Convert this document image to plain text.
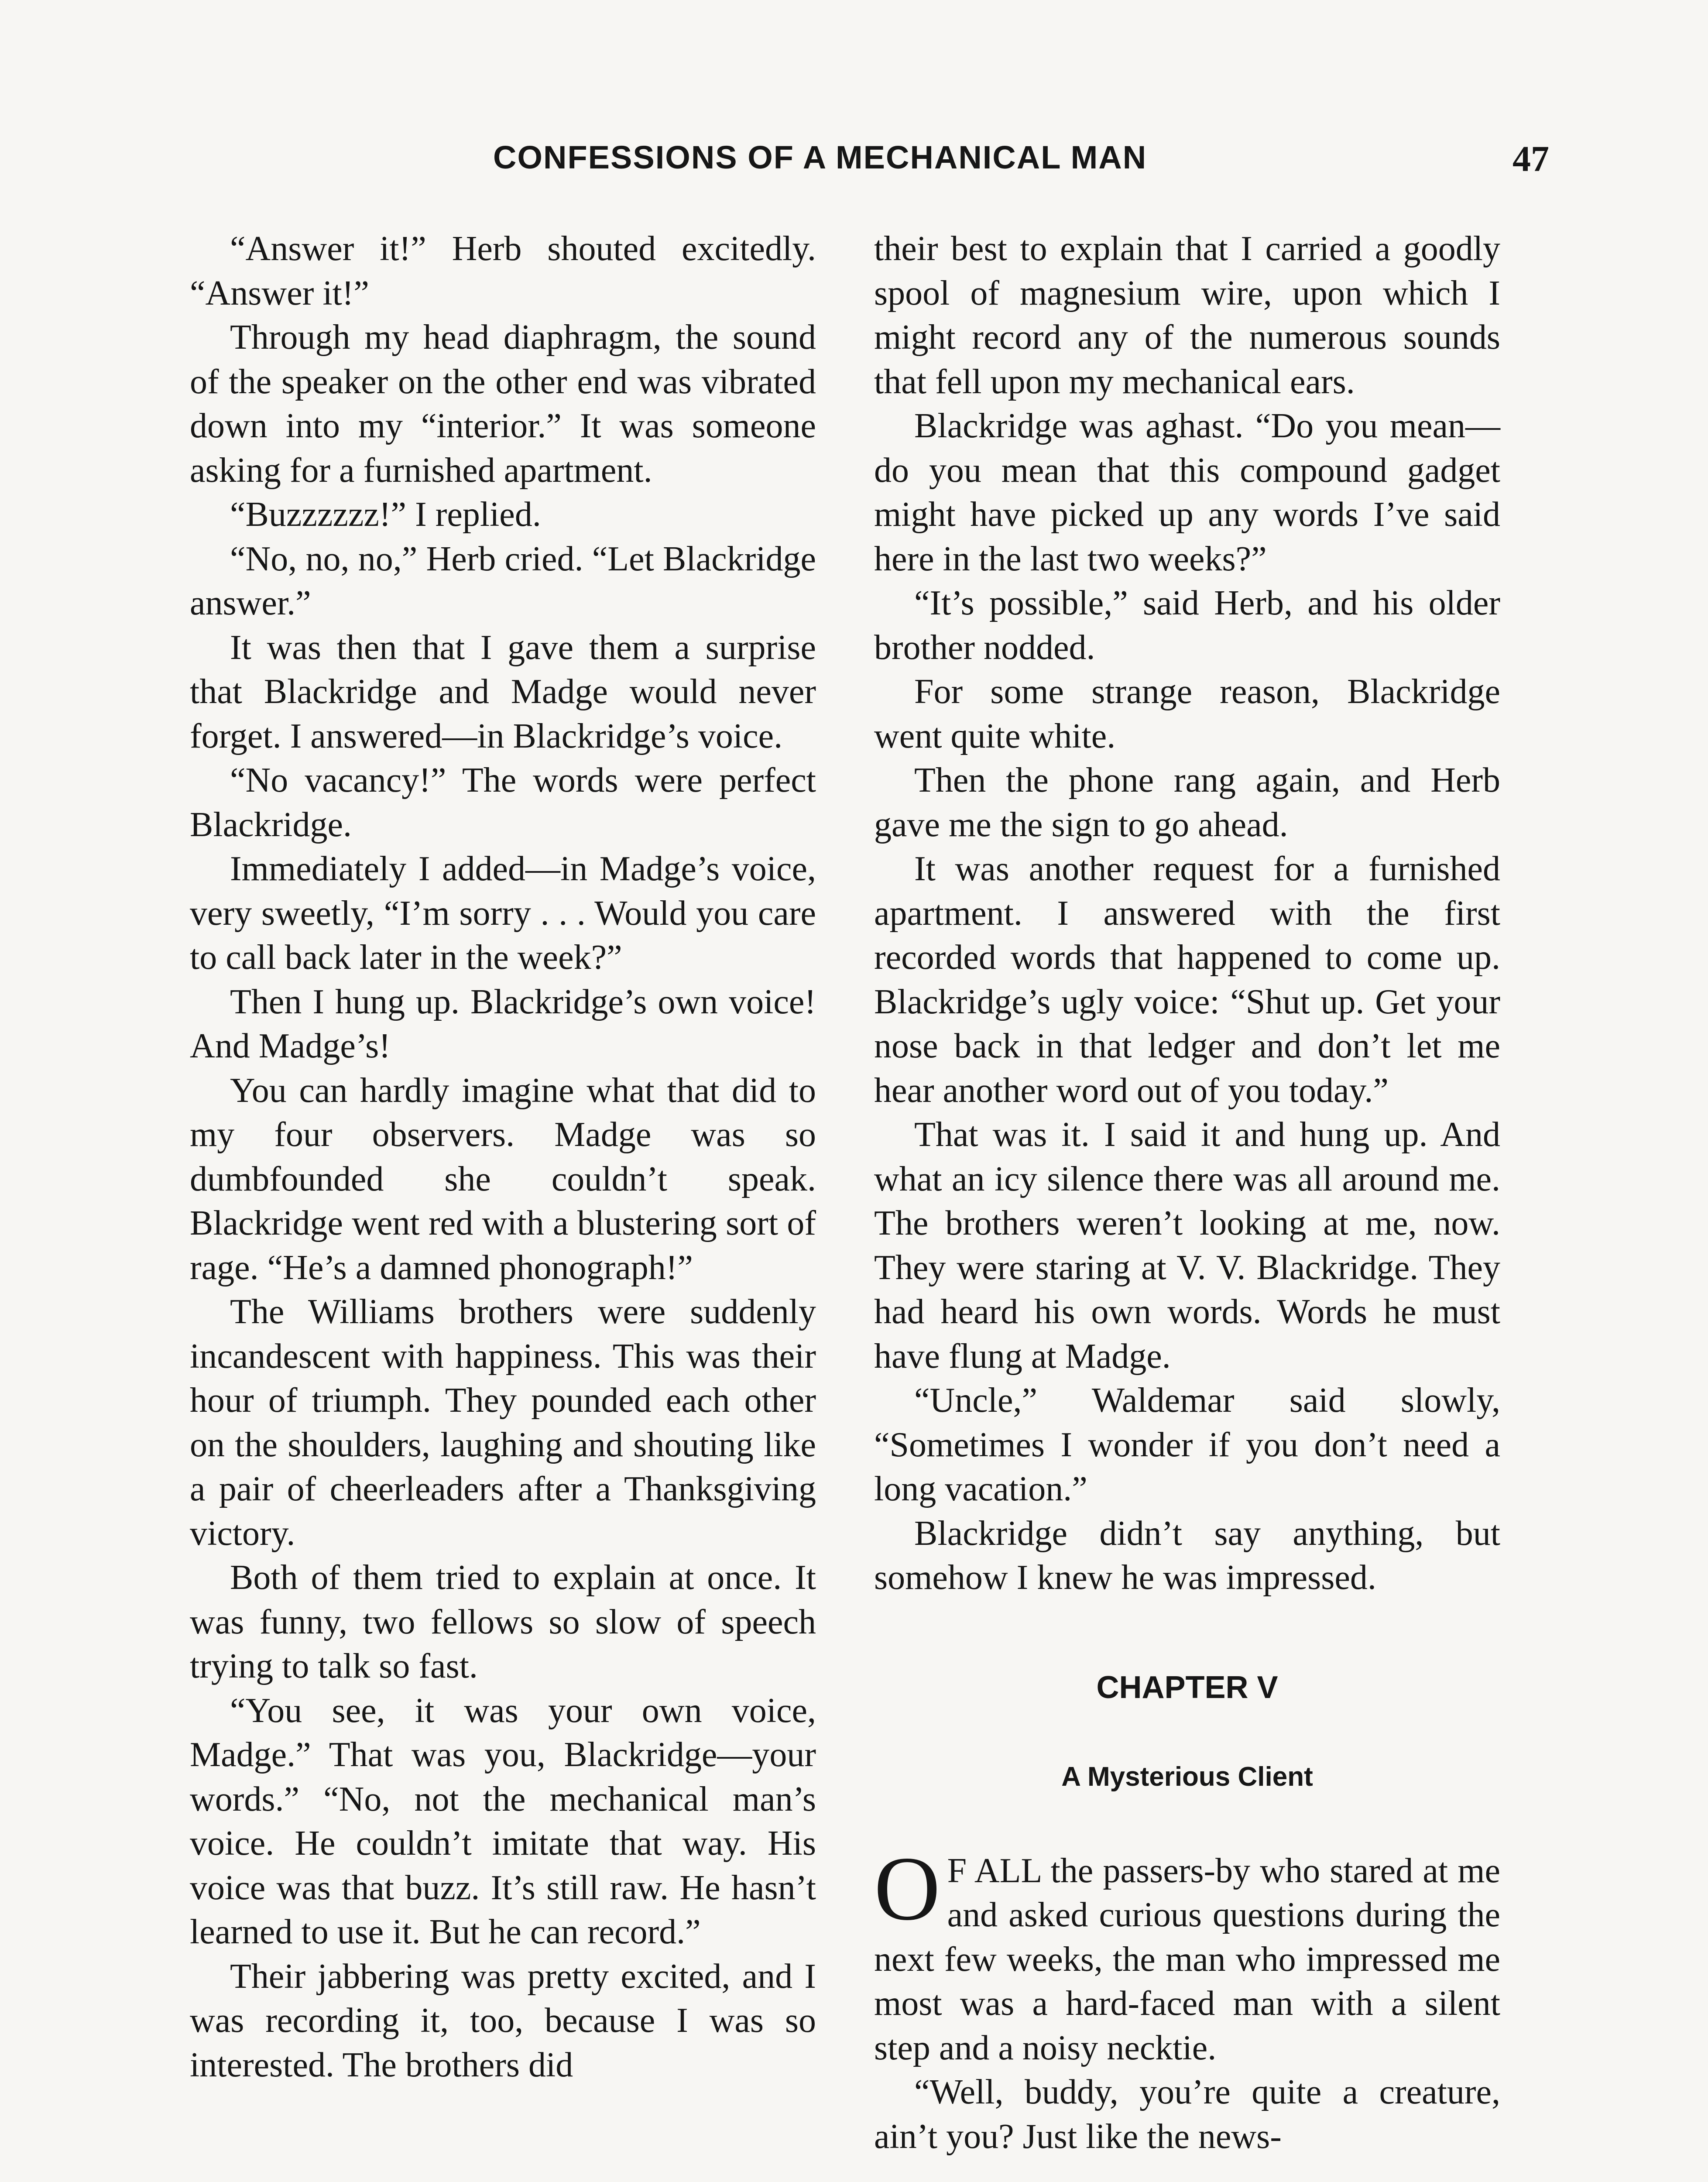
CONFESSIONS OF A MECHANICAL MAN	47

“Answer it!” Herb shouted excitedly. “Answer it!”

Through my head diaphragm, the sound of the speaker on the other end was vibrated down into my “interior.” It was someone asking for a furnished apartment.

“Buzzzzzz!” I replied.

“No, no, no,” Herb cried. “Let Blackridge answer.”

It was then that I gave them a surprise that Blackridge and Madge would never forget. I answered—in Blackridge’s voice.

“No vacancy!” The words were perfect Blackridge.

Immediately I added—in Madge’s voice, very sweetly, “I’m sorry . . . Would you care to call back later in the week?”

Then I hung up. Blackridge’s own voice! And Madge’s!

You can hardly imagine what that did to my four observers. Madge was so dumbfounded she couldn’t speak. Blackridge went red with a blustering sort of rage. “He’s a damned phonograph!”

The Williams brothers were suddenly incandescent with happiness. This was their hour of triumph. They pounded each other on the shoulders, laughing and shouting like a pair of cheerleaders after a Thanksgiving victory.

Both of them tried to explain at once. It was funny, two fellows so slow of speech trying to talk so fast.

“You see, it was your own voice, Madge.” That was you, Blackridge—your words.” “No, not the mechanical man’s voice. He couldn’t imitate that way. His voice was that buzz. It’s still raw. He hasn’t learned to use it. But he can record.”

Their jabbering was pretty excited, and I was recording it, too, because I was so interested. The brothers did

their best to explain that I carried a goodly spool of magnesium wire, upon which I might record any of the numerous sounds that fell upon my mechanical ears.

Blackridge was aghast. “Do you mean—do you mean that this compound gadget might have picked up any words I’ve said here in the last two weeks?”

“It’s possible,” said Herb, and his older brother nodded.

For some strange reason, Blackridge went quite white.

Then the phone rang again, and Herb gave me the sign to go ahead.

It was another request for a furnished apartment. I answered with the first recorded words that happened to come up. Blackridge’s ugly voice: “Shut up. Get your nose back in that ledger and don’t let me hear another word out of you today.”

That was it. I said it and hung up. And what an icy silence there was all around me. The brothers weren’t looking at me, now. They were staring at V. V. Blackridge. They had heard his own words. Words he must have flung at Madge.

“Uncle,” Waldemar said slowly, “Sometimes I wonder if you don’t need a long vacation.”

Blackridge didn’t say anything, but somehow I knew he was impressed.

CHAPTER V
A Mysterious Client

O F ALL the passers-by who stared at me and asked curious questions during the next few weeks, the man who impressed me most was a hard-faced man with a silent step and a noisy necktie.

“Well, buddy, you’re quite a creature, ain’t you? Just like the news-
